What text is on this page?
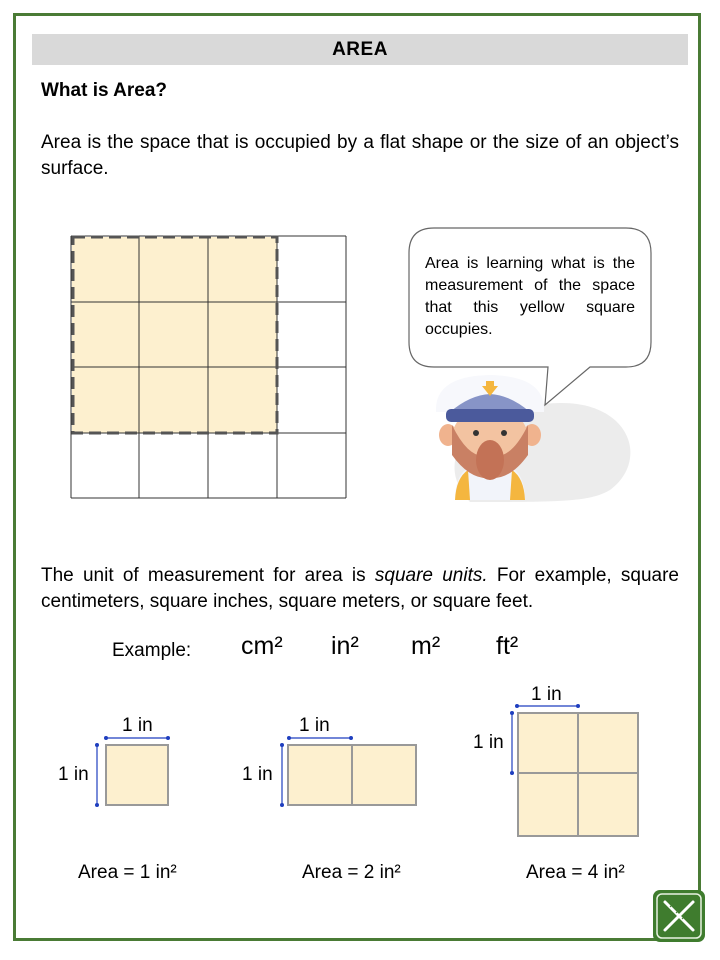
AREA
What is Area?
Area is the space that is occupied by a flat shape or the size of an object’s surface.
Area is learning what is the measurement of the space that this yellow square occupies.
The unit of measurement for area is square units. For example, square centimeters, square inches, square meters, or square feet.
Example: cm² in² m² ft²
1 in
1 in
1 in
1 in
1 in
1 in
Area = 1 in²	Area = 2 in²	Area = 4 in²
